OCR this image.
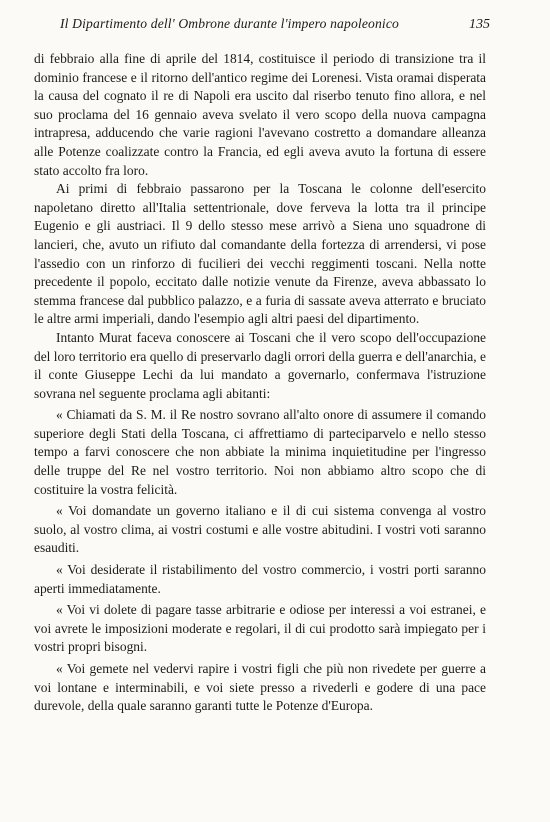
Il Dipartimento dell' Ombrone durante l'impero napoleonico	135

di febbraio alla fine di aprile del 1814, costituisce il periodo di transizione tra il dominio francese e il ritorno dell'antico regime dei Lorenesi. Vista oramai disperata la causa del cognato il re di Napoli era uscito dal riserbo tenuto fino allora, e nel suo proclama del 16 gennaio aveva svelato il vero scopo della nuova campagna intrapresa, adducendo che varie ragioni l'avevano costretto a domandare alleanza alle Potenze coalizzate contro la Francia, ed egli aveva avuto la fortuna di essere stato accolto fra loro.

Ai primi di febbraio passarono per la Toscana le colonne dell'esercito napoletano diretto all'Italia settentrionale, dove ferveva la lotta tra il principe Eugenio e gli austriaci. Il 9 dello stesso mese arrivò a Siena uno squadrone di lancieri, che, avuto un rifiuto dal comandante della fortezza di arrendersi, vi pose l'assedio con un rinforzo di fucilieri dei vecchi reggimenti toscani. Nella notte precedente il popolo, eccitato dalle notizie venute da Firenze, aveva abbassato lo stemma francese dal pubblico palazzo, e a furia di sassate aveva atterrato e bruciato le altre armi imperiali, dando l'esempio agli altri paesi del dipartimento.

Intanto Murat faceva conoscere ai Toscani che il vero scopo dell'occupazione del loro territorio era quello di preservarlo dagli orrori della guerra e dell'anarchia, e il conte Giuseppe Lechi da lui mandato a governarlo, confermava l'istruzione sovrana nel seguente proclama agli abitanti:

« Chiamati da S. M. il Re nostro sovrano all'alto onore di assumere il comando superiore degli Stati della Toscana, ci affrettiamo di parteciparvelo e nello stesso tempo a farvi conoscere che non abbiate la minima inquietitudine per l'ingresso delle truppe del Re nel vostro territorio. Noi non abbiamo altro scopo che di costituire la vostra felicità.

« Voi domandate un governo italiano e il di cui sistema convenga al vostro suolo, al vostro clima, ai vostri costumi e alle vostre abitudini. I vostri voti saranno esauditi.

« Voi desiderate il ristabilimento del vostro commercio, i vostri porti saranno aperti immediatamente.

« Voi vi dolete di pagare tasse arbitrarie e odiose per interessi a voi estranei, e voi avrete le imposizioni moderate e regolari, il di cui prodotto sarà impiegato per i vostri propri bisogni.

« Voi gemete nel vedervi rapire i vostri figli che più non rivedete per guerre a voi lontane e interminabili, e voi siete presso a rivederli e godere di una pace durevole, della quale saranno garanti tutte le Potenze d'Europa.
